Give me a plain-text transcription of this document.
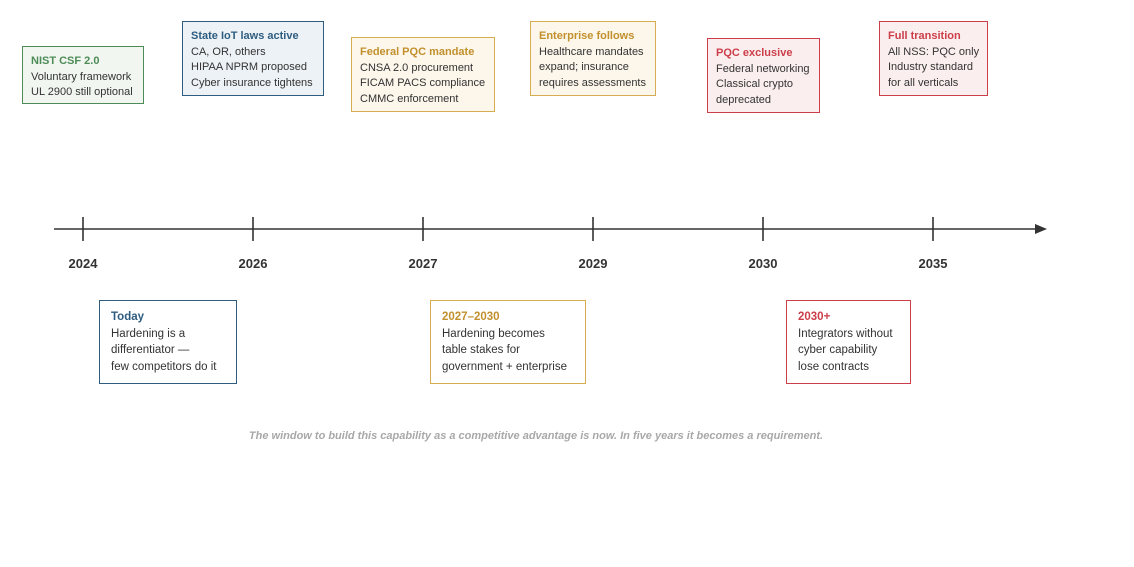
2024	2026	2027	2029	2030	2035
NIST CSF 2.0
Voluntary framework
UL 2900 still optional
State IoT laws active
CA, OR, others
HIPAA NPRM proposed
Cyber insurance tightens
Federal PQC mandate
CNSA 2.0 procurement
FICAM PACS compliance
CMMC enforcement
Enterprise follows
Healthcare mandates
expand; insurance
requires assessments
PQC exclusive
Federal networking
Classical crypto
deprecated
Full transition
All NSS: PQC only
Industry standard
for all verticals
Today
Hardening is a
differentiator —
few competitors do it
2027–2030
Hardening becomes
table stakes for
government + enterprise
2030+
Integrators without
cyber capability
lose contracts
The window to build this capability as a competitive advantage is now. In five years it becomes a requirement.
